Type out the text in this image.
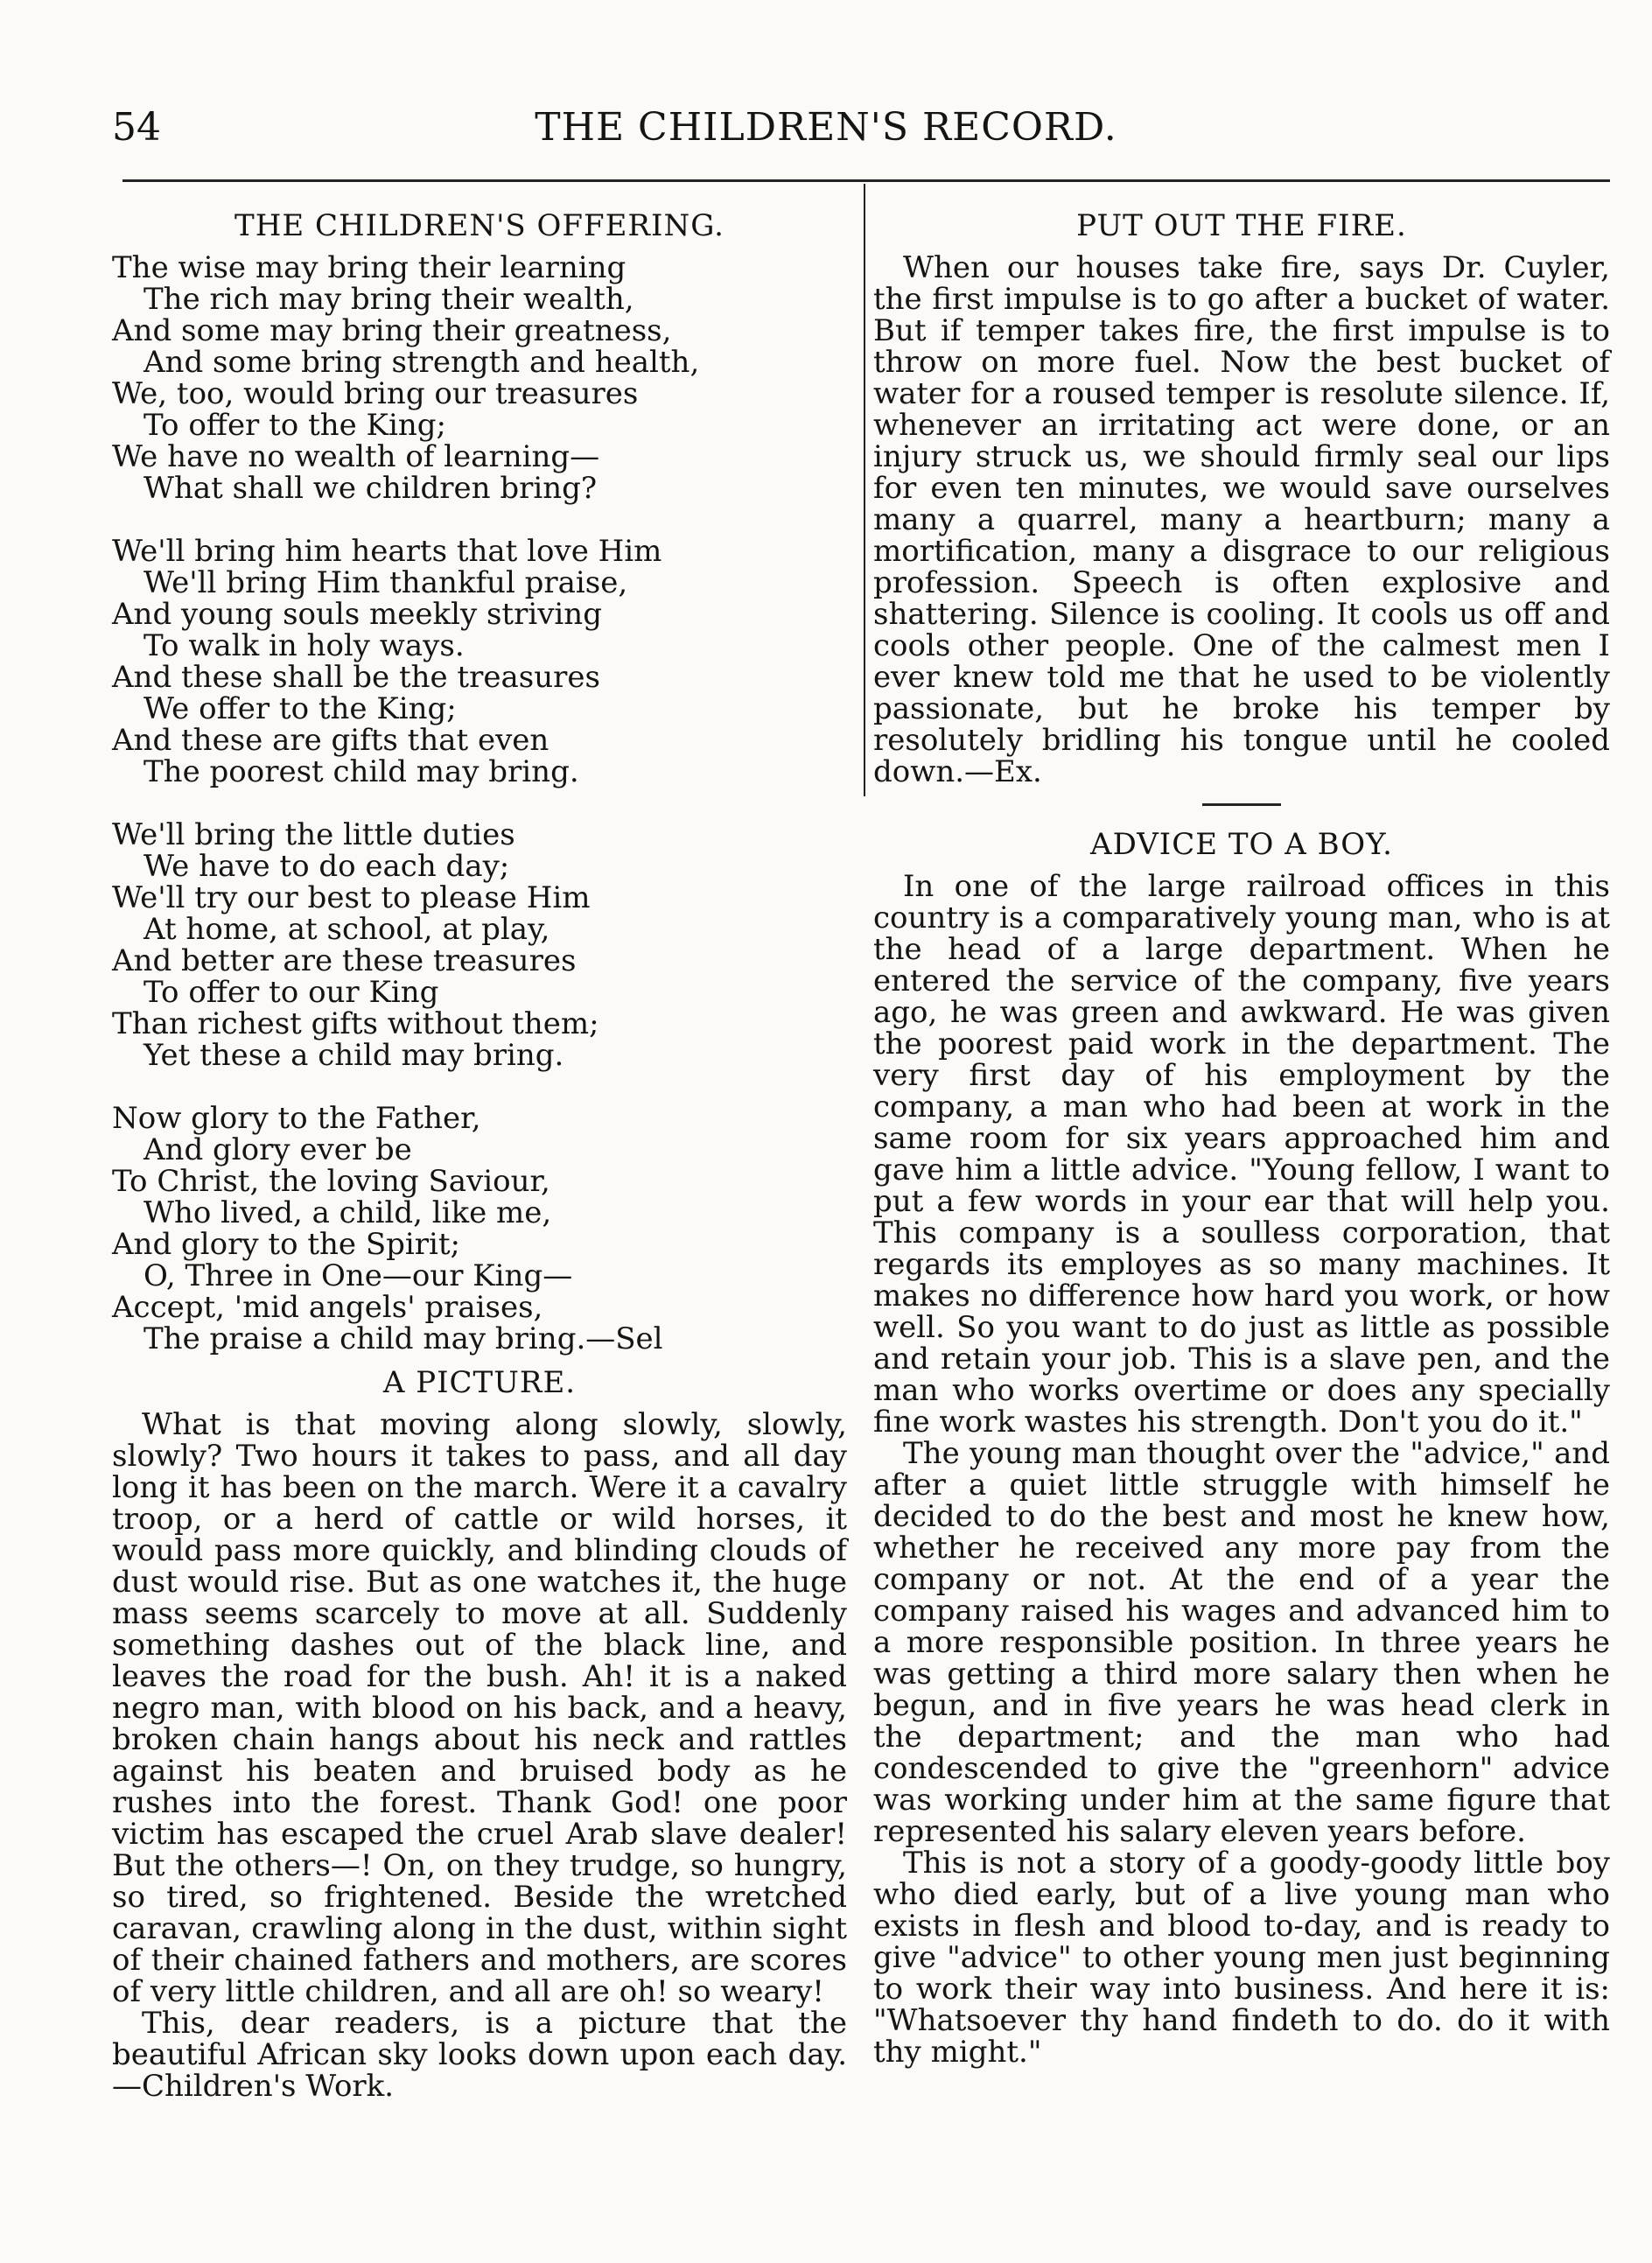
54	THE CHILDREN'S RECORD.
THE CHILDREN'S OFFERING.
The wise may bring their learning
The rich may bring their wealth,
And some may bring their greatness,
And some bring strength and health,
We, too, would bring our treasures
To offer to the King;
We have no wealth of learning—
What shall we children bring?
We'll bring him hearts that love Him
We'll bring Him thankful praise,
And young souls meekly striving
To walk in holy ways.
And these shall be the treasures
We offer to the King;
And these are gifts that even
The poorest child may bring.
We'll bring the little duties
We have to do each day;
We'll try our best to please Him
At home, at school, at play,
And better are these treasures
To offer to our King
Than richest gifts without them;
Yet these a child may bring.
Now glory to the Father,
And glory ever be
To Christ, the loving Saviour,
Who lived, a child, like me,
And glory to the Spirit;
O, Three in One—our King—
Accept, 'mid angels' praises,
The praise a child may bring.—Sel
A PICTURE.

What is that moving along slowly, slowly, slowly? Two hours it takes to pass, and all day long it has been on the march. Were it a cavalry troop, or a herd of cattle or wild horses, it would pass more quickly, and blinding clouds of dust would rise. But as one watches it, the huge mass seems scarcely to move at all. Suddenly something dashes out of the black line, and leaves the road for the bush. Ah! it is a naked negro man, with blood on his back, and a heavy, broken chain hangs about his neck and rattles against his beaten and bruised body as he rushes into the forest. Thank God! one poor victim has escaped the cruel Arab slave dealer! But the others—! On, on they trudge, so hungry, so tired, so frightened. Beside the wretched caravan, crawling along in the dust, within sight of their chained fathers and mothers, are scores of very little children, and all are oh! so weary!

This, dear readers, is a picture that the beautiful African sky looks down upon each day.—Children's Work.

PUT OUT THE FIRE.

When our houses take fire, says Dr. Cuyler, the first impulse is to go after a bucket of water. But if temper takes fire, the first impulse is to throw on more fuel. Now the best bucket of water for a roused temper is resolute silence. If, whenever an irritating act were done, or an injury struck us, we should firmly seal our lips for even ten minutes, we would save ourselves many a quarrel, many a heartburn; many a mortification, many a disgrace to our religious profession. Speech is often explosive and shattering. Silence is cooling. It cools us off and cools other people. One of the calmest men I ever knew told me that he used to be violently passionate, but he broke his temper by resolutely bridling his tongue until he cooled down.—Ex.

ADVICE TO A BOY.

In one of the large railroad offices in this country is a comparatively young man, who is at the head of a large department. When he entered the service of the company, five years ago, he was green and awkward. He was given the poorest paid work in the department. The very first day of his employment by the company, a man who had been at work in the same room for six years approached him and gave him a little advice. "Young fellow, I want to put a few words in your ear that will help you. This company is a soulless corporation, that regards its employes as so many machines. It makes no difference how hard you work, or how well. So you want to do just as little as possible and retain your job. This is a slave pen, and the man who works overtime or does any specially fine work wastes his strength. Don't you do it."

The young man thought over the "advice," and after a quiet little struggle with himself he decided to do the best and most he knew how, whether he received any more pay from the company or not. At the end of a year the company raised his wages and advanced him to a more responsible position. In three years he was getting a third more salary then when he begun, and in five years he was head clerk in the department; and the man who had condescended to give the "greenhorn" advice was working under him at the same figure that represented his salary eleven years before.

This is not a story of a goody-goody little boy who died early, but of a live young man who exists in flesh and blood to-day, and is ready to give "advice" to other young men just beginning to work their way into business. And here it is: "Whatsoever thy hand findeth to do. do it with thy might."
